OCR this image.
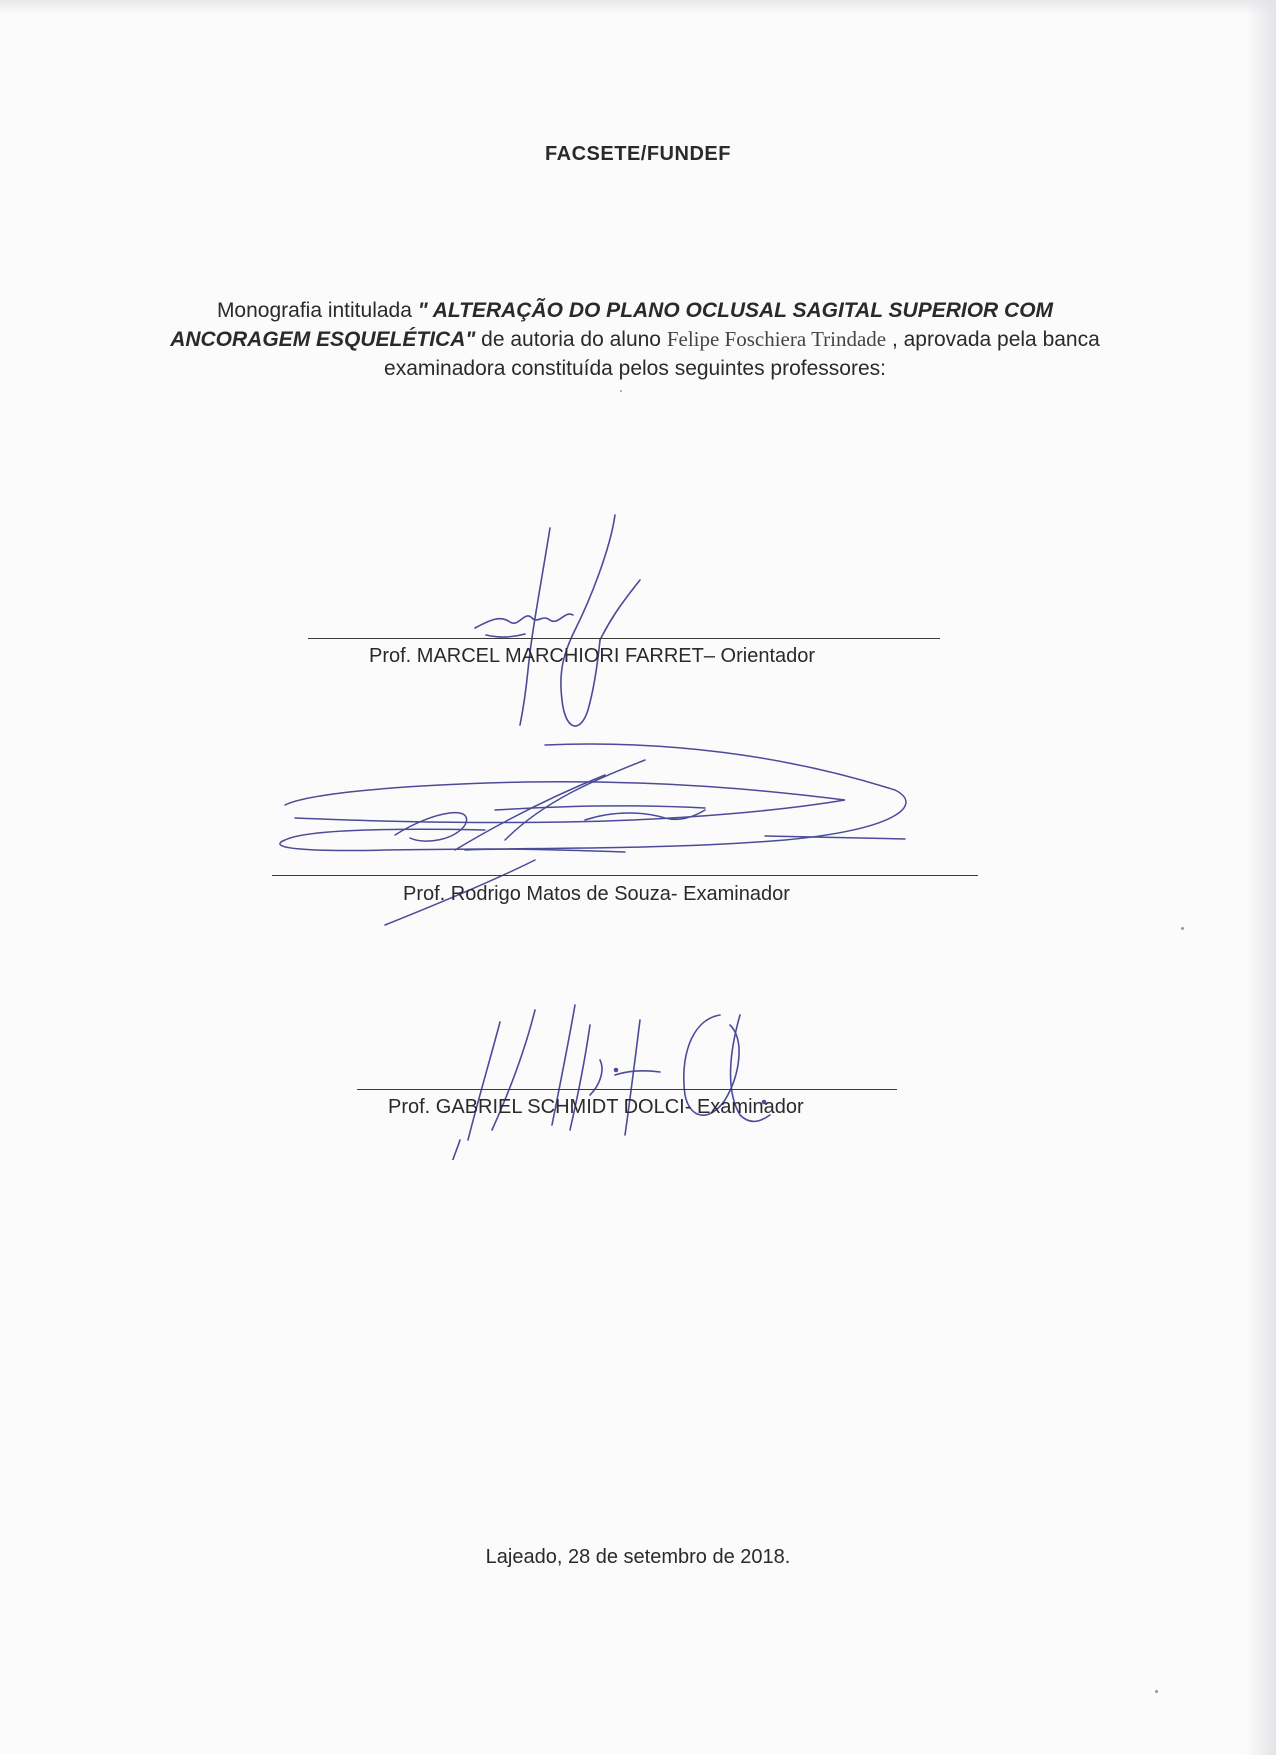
FACSETE/FUNDEF
Monografia intitulada " ALTERAÇÃO DO PLANO OCLUSAL SAGITAL SUPERIOR COM ANCORAGEM ESQUELÉTICA" de autoria do aluno Felipe Foschiera Trindade , aprovada pela banca examinadora constituída pelos seguintes professores:
Prof. MARCEL MARCHIORI FARRET– Orientador
Prof. Rodrigo Matos de Souza- Examinador
Prof. GABRIEL SCHMIDT DOLCI- Examinador
Lajeado, 28 de setembro de 2018.
